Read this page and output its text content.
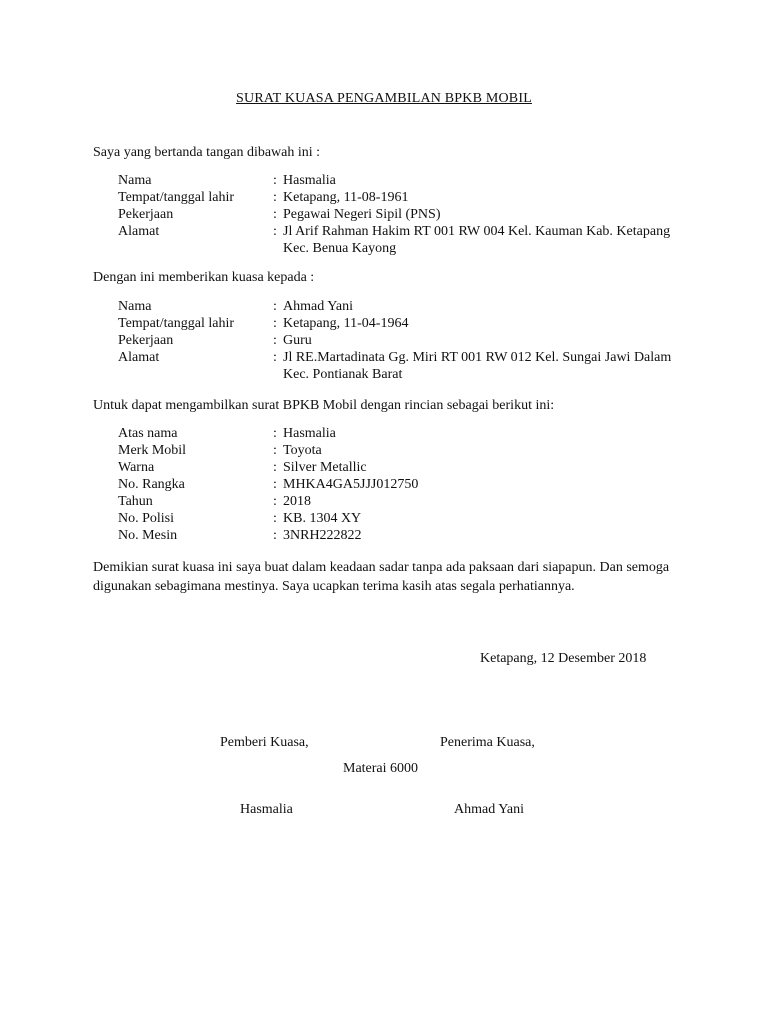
SURAT KUASA PENGAMBILAN BPKB MOBIL
Saya yang bertanda tangan dibawah ini :
Nama	: Hasmalia
Tempat/tanggal lahir	: Ketapang, 11-08-1961
Pekerjaan	: Pegawai Negeri Sipil (PNS)
Alamat	: Jl Arif Rahman Hakim RT 001 RW 004 Kel. Kauman Kab. Ketapang Kec. Benua Kayong
Dengan ini memberikan kuasa kepada :
Nama	: Ahmad Yani
Tempat/tanggal lahir	: Ketapang, 11-04-1964
Pekerjaan	: Guru
Alamat	: Jl RE.Martadinata Gg. Miri RT 001 RW 012 Kel. Sungai Jawi Dalam Kec. Pontianak Barat
Untuk dapat mengambilkan surat BPKB Mobil dengan rincian sebagai berikut ini:
Atas nama	: Hasmalia
Merk Mobil	: Toyota
Warna	: Silver Metallic
No. Rangka	: MHKA4GA5JJJ012750
Tahun	: 2018
No. Polisi	: KB. 1304 XY
No. Mesin	: 3NRH222822
Demikian surat kuasa ini saya buat dalam keadaan sadar tanpa ada paksaan dari siapapun. Dan semoga digunakan sebagimana mestinya. Saya ucapkan terima kasih atas segala perhatiannya.
Ketapang, 12 Desember 2018
Pemberi Kuasa,	Penerima Kuasa,
Materai 6000
Hasmalia	Ahmad Yani
